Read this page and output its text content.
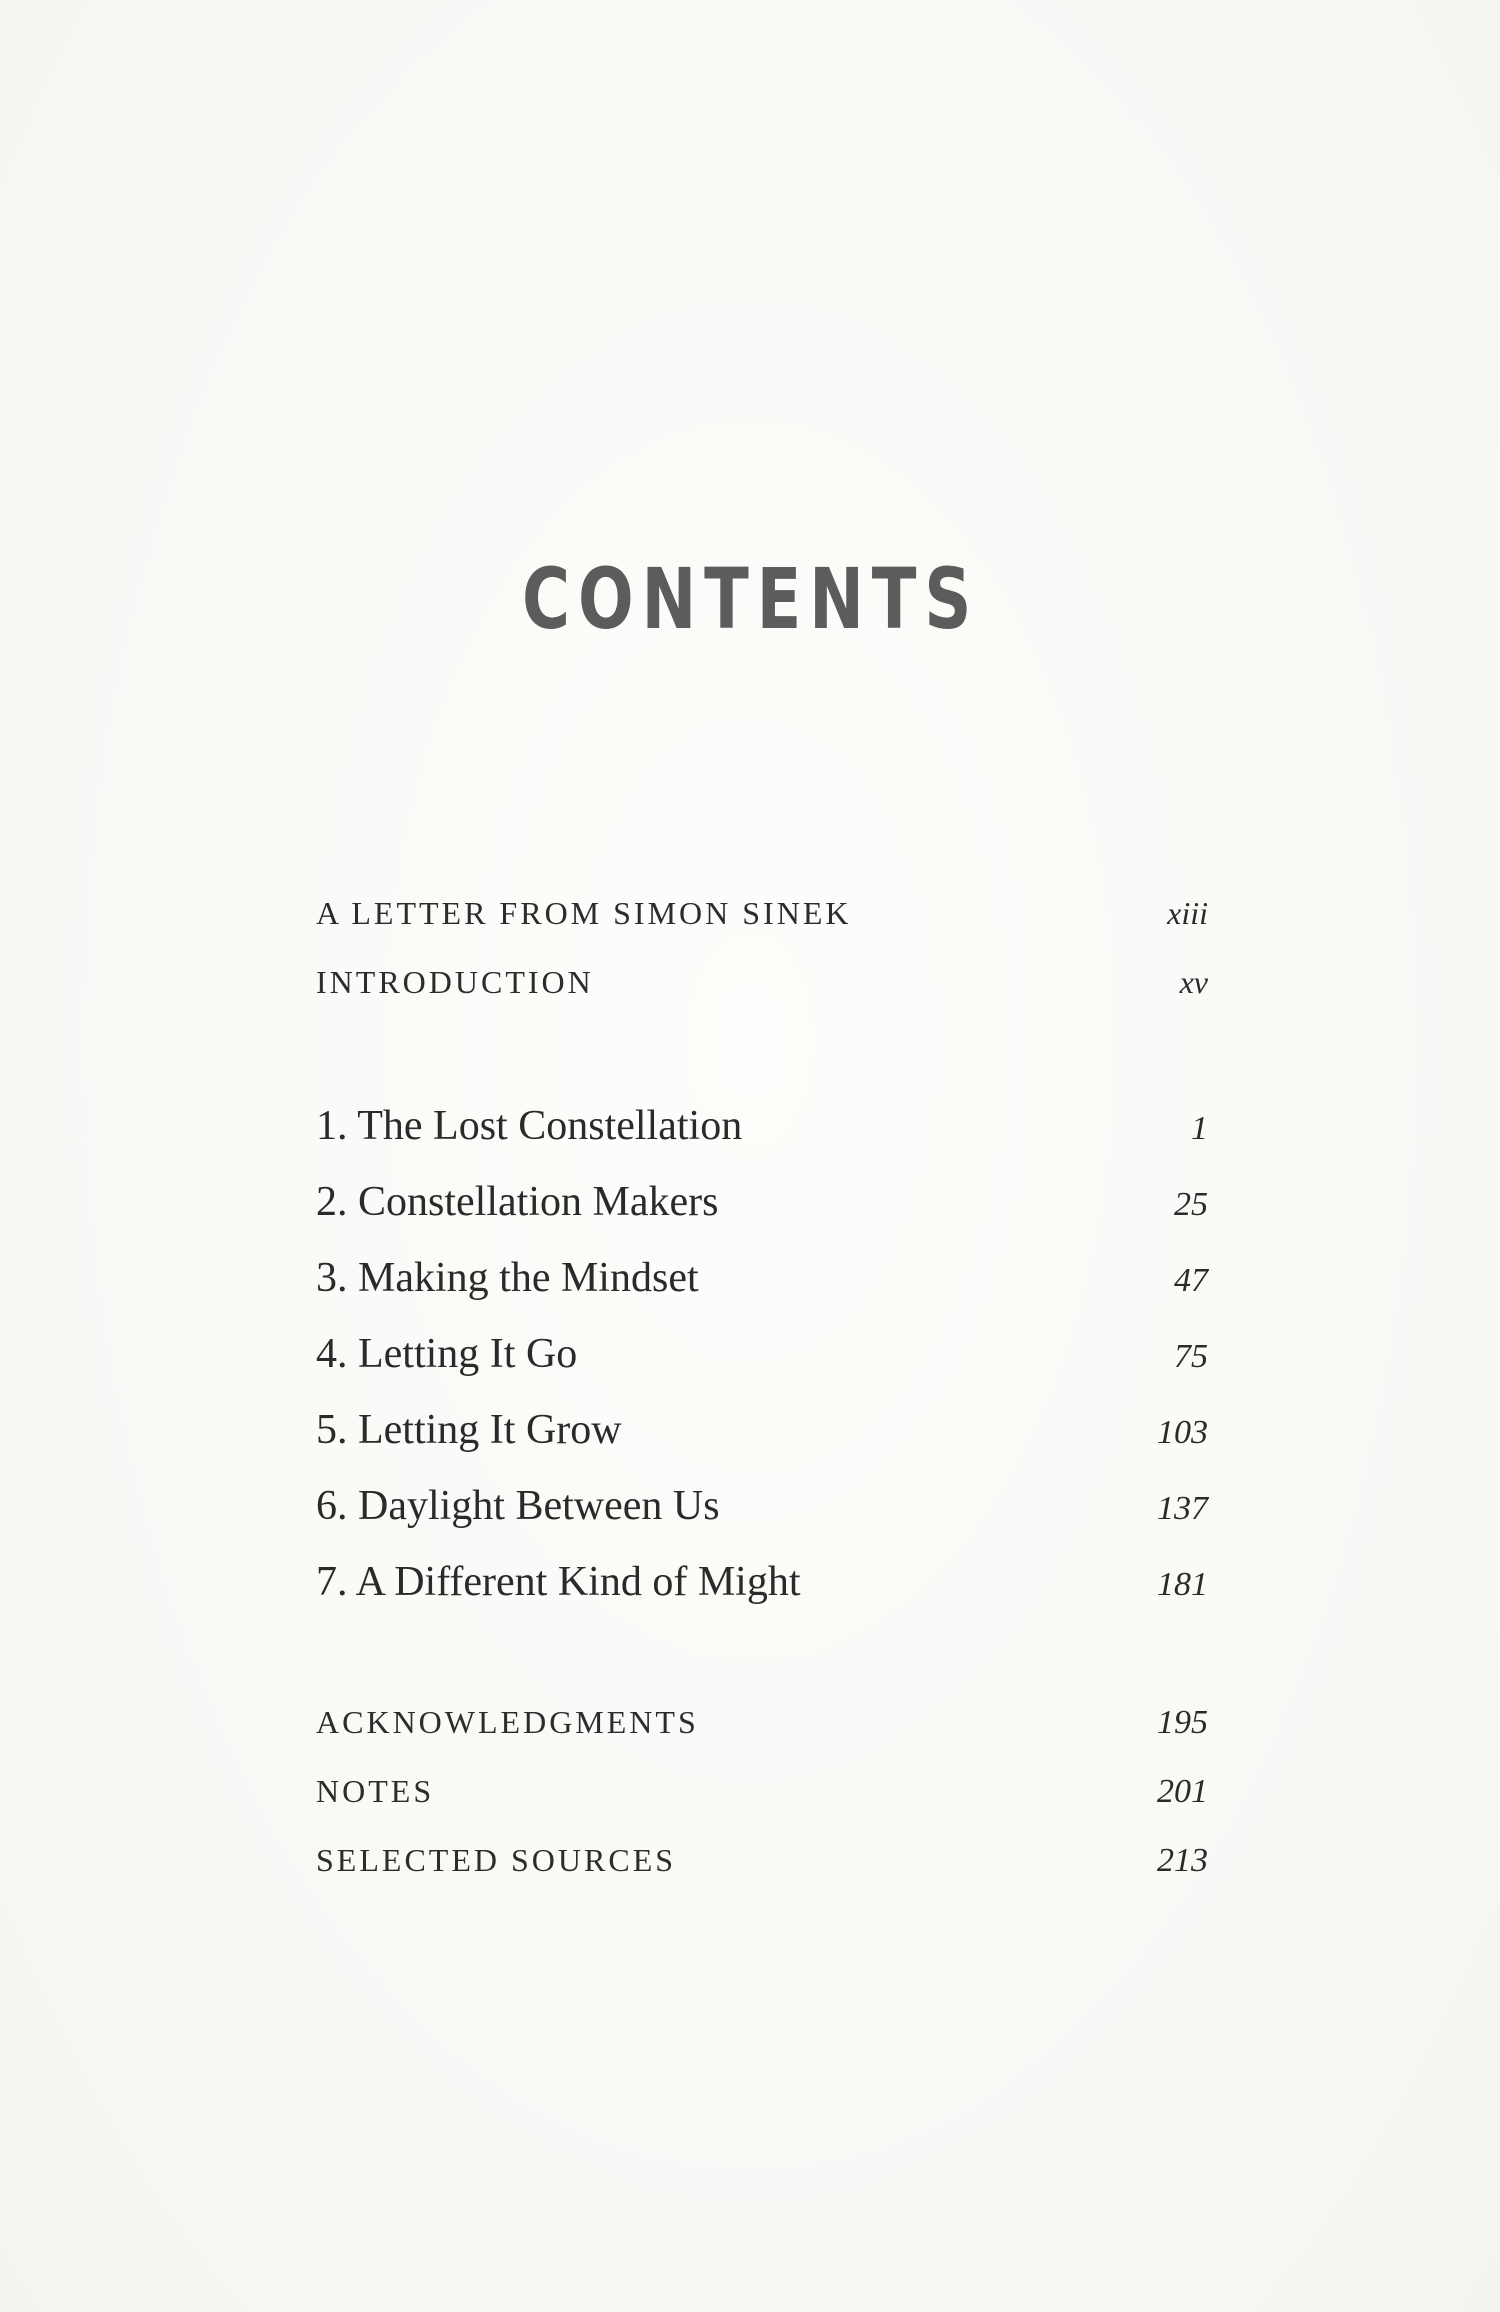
CONTENTS
A LETTER FROM SIMON SINEK	xiii
INTRODUCTION	xv
1. The Lost Constellation	1
2. Constellation Makers	25
3. Making the Mindset	47
4. Letting It Go	75
5. Letting It Grow	103
6. Daylight Between Us	137
7. A Different Kind of Might	181
ACKNOWLEDGMENTS	195
NOTES	201
SELECTED SOURCES	213
